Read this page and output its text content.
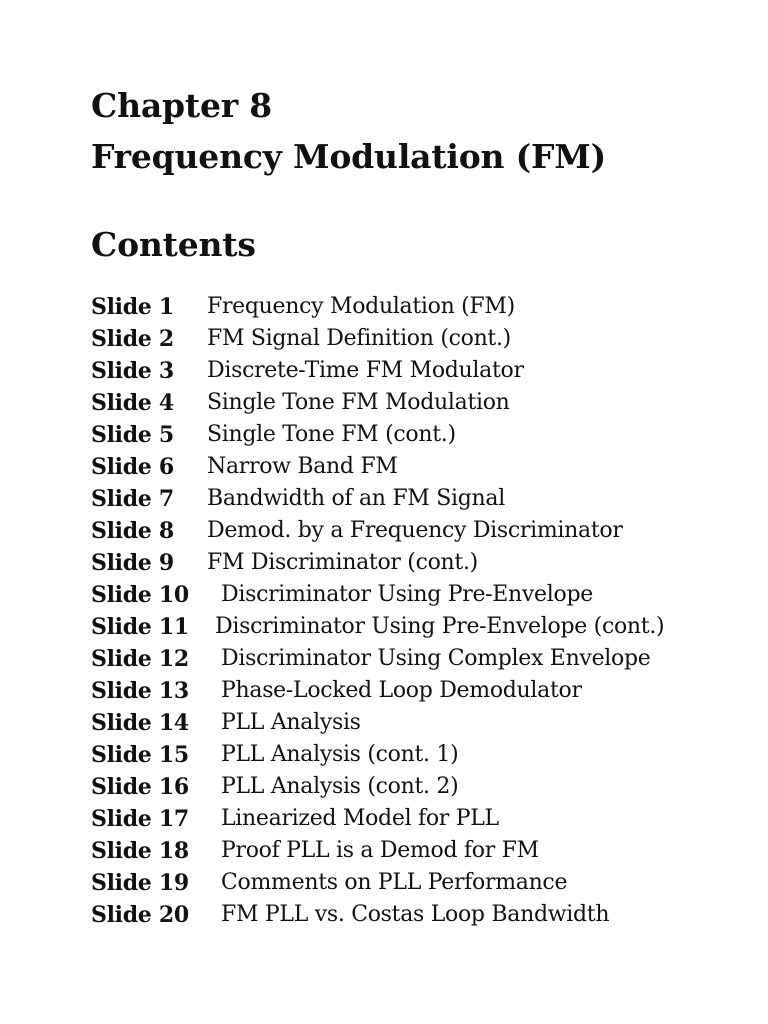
Chapter 8
Frequency Modulation (FM)
Contents
Slide 1	Frequency Modulation (FM)
Slide 2	FM Signal Definition (cont.)
Slide 3	Discrete-Time FM Modulator
Slide 4	Single Tone FM Modulation
Slide 5	Single Tone FM (cont.)
Slide 6	Narrow Band FM
Slide 7	Bandwidth of an FM Signal
Slide 8	Demod. by a Frequency Discriminator
Slide 9	FM Discriminator (cont.)
Slide 10	Discriminator Using Pre-Envelope
Slide 11	Discriminator Using Pre-Envelope (cont.)
Slide 12	Discriminator Using Complex Envelope
Slide 13	Phase-Locked Loop Demodulator
Slide 14	PLL Analysis
Slide 15	PLL Analysis (cont. 1)
Slide 16	PLL Analysis (cont. 2)
Slide 17	Linearized Model for PLL
Slide 18	Proof PLL is a Demod for FM
Slide 19	Comments on PLL Performance
Slide 20	FM PLL vs. Costas Loop Bandwidth
